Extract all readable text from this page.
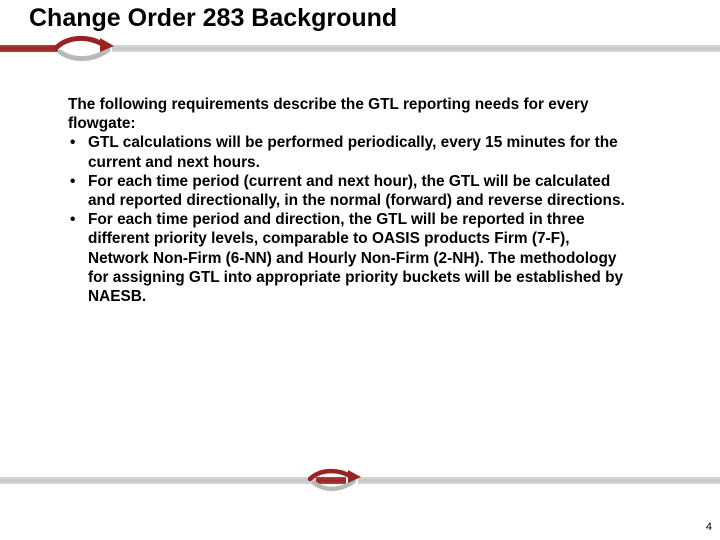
Change Order 283 Background

The following requirements describe the GTL reporting needs for every flowgate:

• GTL calculations will be performed periodically, every 15 minutes for the current and next hours.
• For each time period (current and next hour), the GTL will be calculated and reported directionally, in the normal (forward) and reverse directions.
• For each time period and direction, the GTL will be reported in three different priority levels, comparable to OASIS products Firm (7-F), Network Non-Firm (6-NN) and Hourly Non-Firm (2-NH). The methodology for assigning GTL into appropriate priority buckets will be established by NAESB.
4
